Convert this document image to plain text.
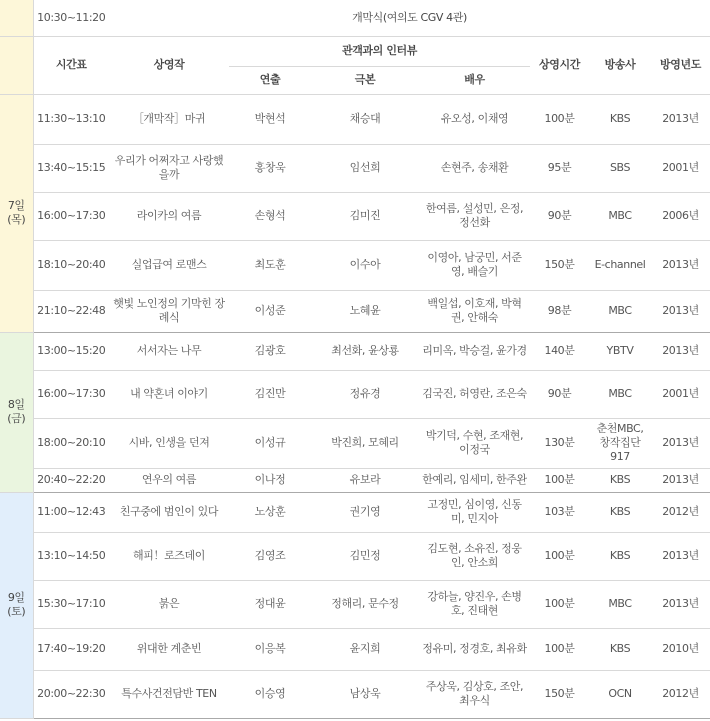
	10:30~11:20	개막식(여의도 CGV 4관)						
	시간표	상영작	관객과의 인터뷰			상영시간	방송사	방영년도
			연출	극본	배우			

7일
(목)	11:30~13:10	［개막작］마귀	박현석	채승대	유오성, 이채영	100분	KBS	2013년
	13:40~15:15	우리가 어쩌자고 사랑했을까	홍창욱	임선희	손현주, 송채환	95분	SBS	2001년
	16:00~17:30	라이카의 여름	손형석	김미진	한여름, 설성민, 은정, 정선화	90분	MBC	2006년
	18:10~20:40	실업급여 로맨스	최도훈	이수아	이영아, 남궁민, 서준영, 배슬기	150분	E-channel	2013년
	21:10~22:48	햇빛 노인정의 기막힌 장례식	이성준	노혜윤	백일섭, 이호재, 박혁권, 안해숙	98분	MBC	2013년

8일
(금)	13:00~15:20	서서자는 나무	김광호	최선화, 윤상룡	리미옥, 박승걸, 윤가경	140분	YBTV	2013년
	16:00~17:30	내 약혼녀 이야기	김진만	정유경	김국진, 허영란, 조은숙	90분	MBC	2001년
	18:00~20:10	시바, 인생을 던져	이성규	박진희, 모혜리	박기덕, 수현, 조재현, 이정국	130분	춘천MBC, 창작집단917	2013년
	20:40~22:20	연우의 여름	이나정	유보라	한예리, 임세미, 한주완	100분	KBS	2013년

9일
(토)	11:00~12:43	친구중에 범인이 있다	노상훈	권기영	고정민, 심이영, 신동미, 민지아	103분	KBS	2012년
	13:10~14:50	해피！로즈데이	김영조	김민정	김도현, 소유진, 정웅인, 안소희	100분	KBS	2013년
	15:30~17:10	붉은	정대윤	정해리, 문수정	강하늘, 양진우, 손병호, 진태현	100분	MBC	2013년
	17:40~19:20	위대한 계춘빈	이응복	윤지희	정유미, 정경호, 최유화	100분	KBS	2010년
	20:00~22:30	특수사건전담반 TEN	이승영	남상욱	주상욱, 김상호, 조안, 최우식	150분	OCN	2012년
